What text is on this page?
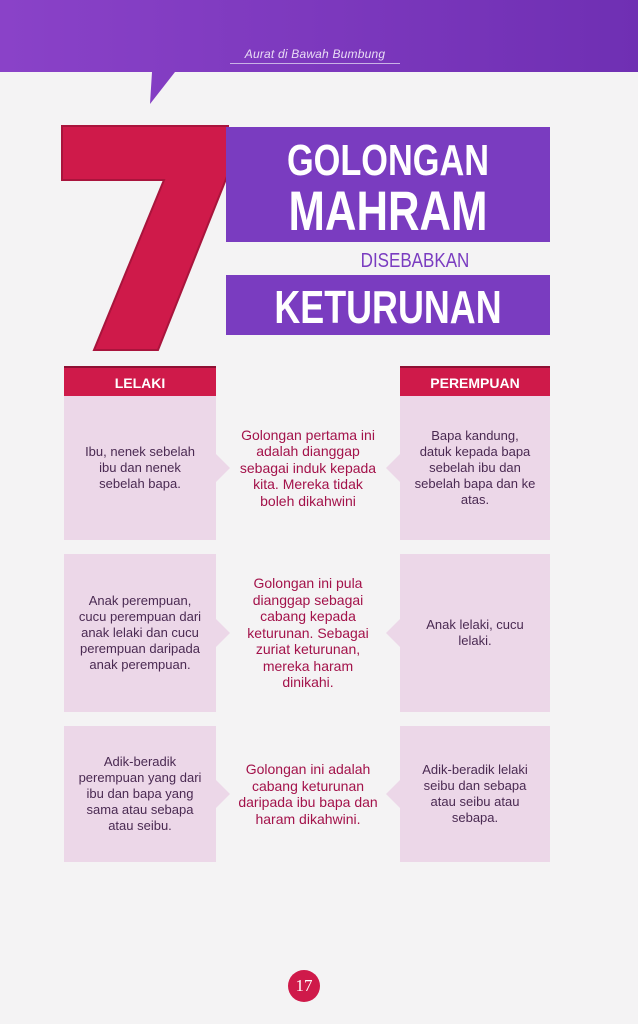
Aurat di Bawah Bumbung
GOLONGAN
MAHRAM
DISEBABKAN
KETURUNAN
LELAKI	PEREMPUAN
Ibu, nenek sebelah ibu dan nenek sebelah bapa.
Golongan pertama ini adalah dianggap sebagai induk kepada kita. Mereka tidak boleh dikahwini
Bapa kandung, datuk kepada bapa sebelah ibu dan sebelah bapa dan ke atas.
Anak perempuan, cucu perempuan dari anak lelaki dan cucu perempuan daripada anak perempuan.
Golongan ini pula dianggap sebagai cabang kepada keturunan. Sebagai zuriat keturunan, mereka haram dinikahi.
Anak lelaki, cucu lelaki.
Adik-beradik perempuan yang dari ibu dan bapa yang sama atau sebapa atau seibu.
Golongan ini adalah cabang keturunan daripada ibu bapa dan haram dikahwini.
Adik-beradik lelaki seibu dan sebapa atau seibu atau sebapa.
17
